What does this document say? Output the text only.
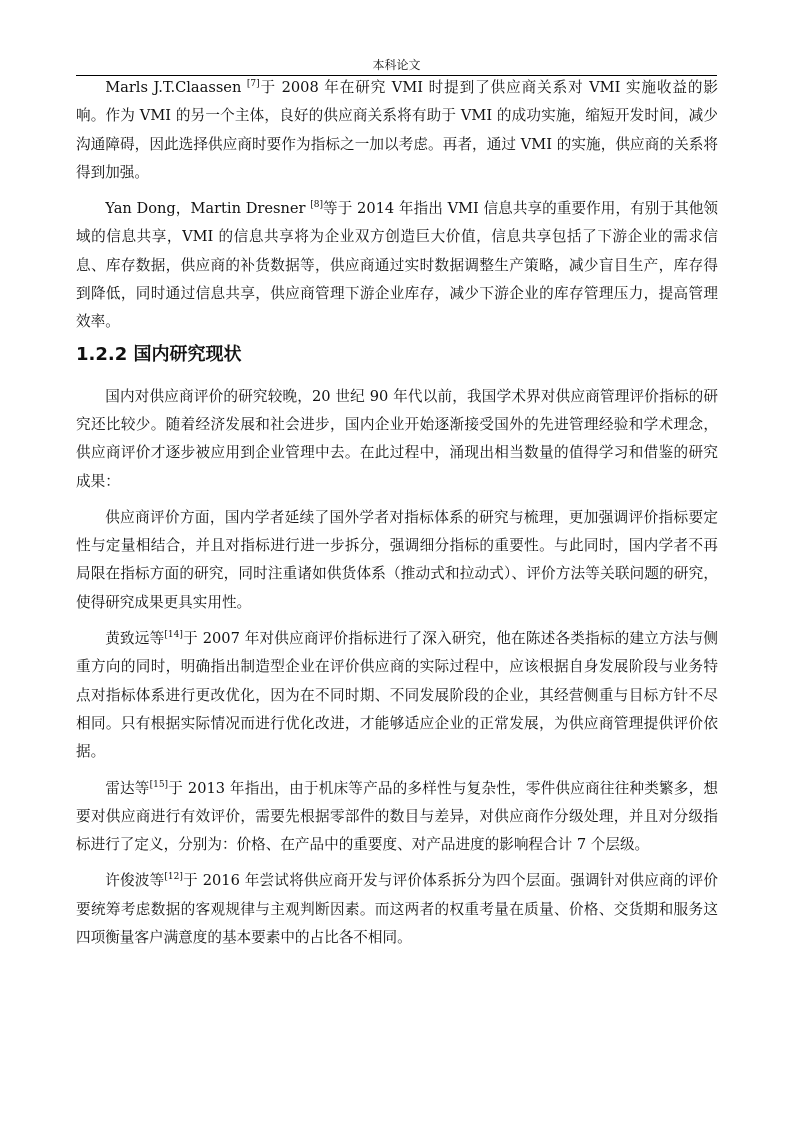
本科论文

Marls J.T.Claassen [7]于 2008 年在研究 VMI 时提到了供应商关系对 VMI 实施收益的影响。作为 VMI 的另一个主体，良好的供应商关系将有助于 VMI 的成功实施，缩短开发时间，减少沟通障碍，因此选择供应商时要作为指标之一加以考虑。再者，通过 VMI 的实施，供应商的关系将得到加强。

Yan Dong，Martin Dresner [8]等于 2014 年指出 VMI 信息共享的重要作用，有别于其他领域的信息共享，VMI 的信息共享将为企业双方创造巨大价值，信息共享包括了下游企业的需求信息、库存数据，供应商的补货数据等，供应商通过实时数据调整生产策略，减少盲目生产，库存得到降低，同时通过信息共享，供应商管理下游企业库存，减少下游企业的库存管理压力，提高管理效率。

1.2.2 国内研究现状

国内对供应商评价的研究较晚，20 世纪 90 年代以前，我国学术界对供应商管理评价指标的研究还比较少。随着经济发展和社会进步，国内企业开始逐渐接受国外的先进管理经验和学术理念，供应商评价才逐步被应用到企业管理中去。在此过程中，涌现出相当数量的值得学习和借鉴的研究成果：

供应商评价方面，国内学者延续了国外学者对指标体系的研究与梳理，更加强调评价指标要定性与定量相结合，并且对指标进行进一步拆分，强调细分指标的重要性。与此同时，国内学者不再局限在指标方面的研究，同时注重诸如供货体系（推动式和拉动式）、评价方法等关联问题的研究，使得研究成果更具实用性。

黄致远等[14]于 2007 年对供应商评价指标进行了深入研究，他在陈述各类指标的建立方法与侧重方向的同时，明确指出制造型企业在评价供应商的实际过程中，应该根据自身发展阶段与业务特点对指标体系进行更改优化，因为在不同时期、不同发展阶段的企业，其经营侧重与目标方针不尽相同。只有根据实际情况而进行优化改进，才能够适应企业的正常发展，为供应商管理提供评价依据。

雷达等[15]于 2013 年指出，由于机床等产品的多样性与复杂性，零件供应商往往种类繁多，想要对供应商进行有效评价，需要先根据零部件的数目与差异，对供应商作分级处理，并且对分级指标进行了定义，分别为：价格、在产品中的重要度、对产品进度的影响程合计 7 个层级。

许俊波等[12]于 2016 年尝试将供应商开发与评价体系拆分为四个层面。强调针对供应商的评价要统筹考虑数据的客观规律与主观判断因素。而这两者的权重考量在质量、价格、交货期和服务这四项衡量客户满意度的基本要素中的占比各不相同。
